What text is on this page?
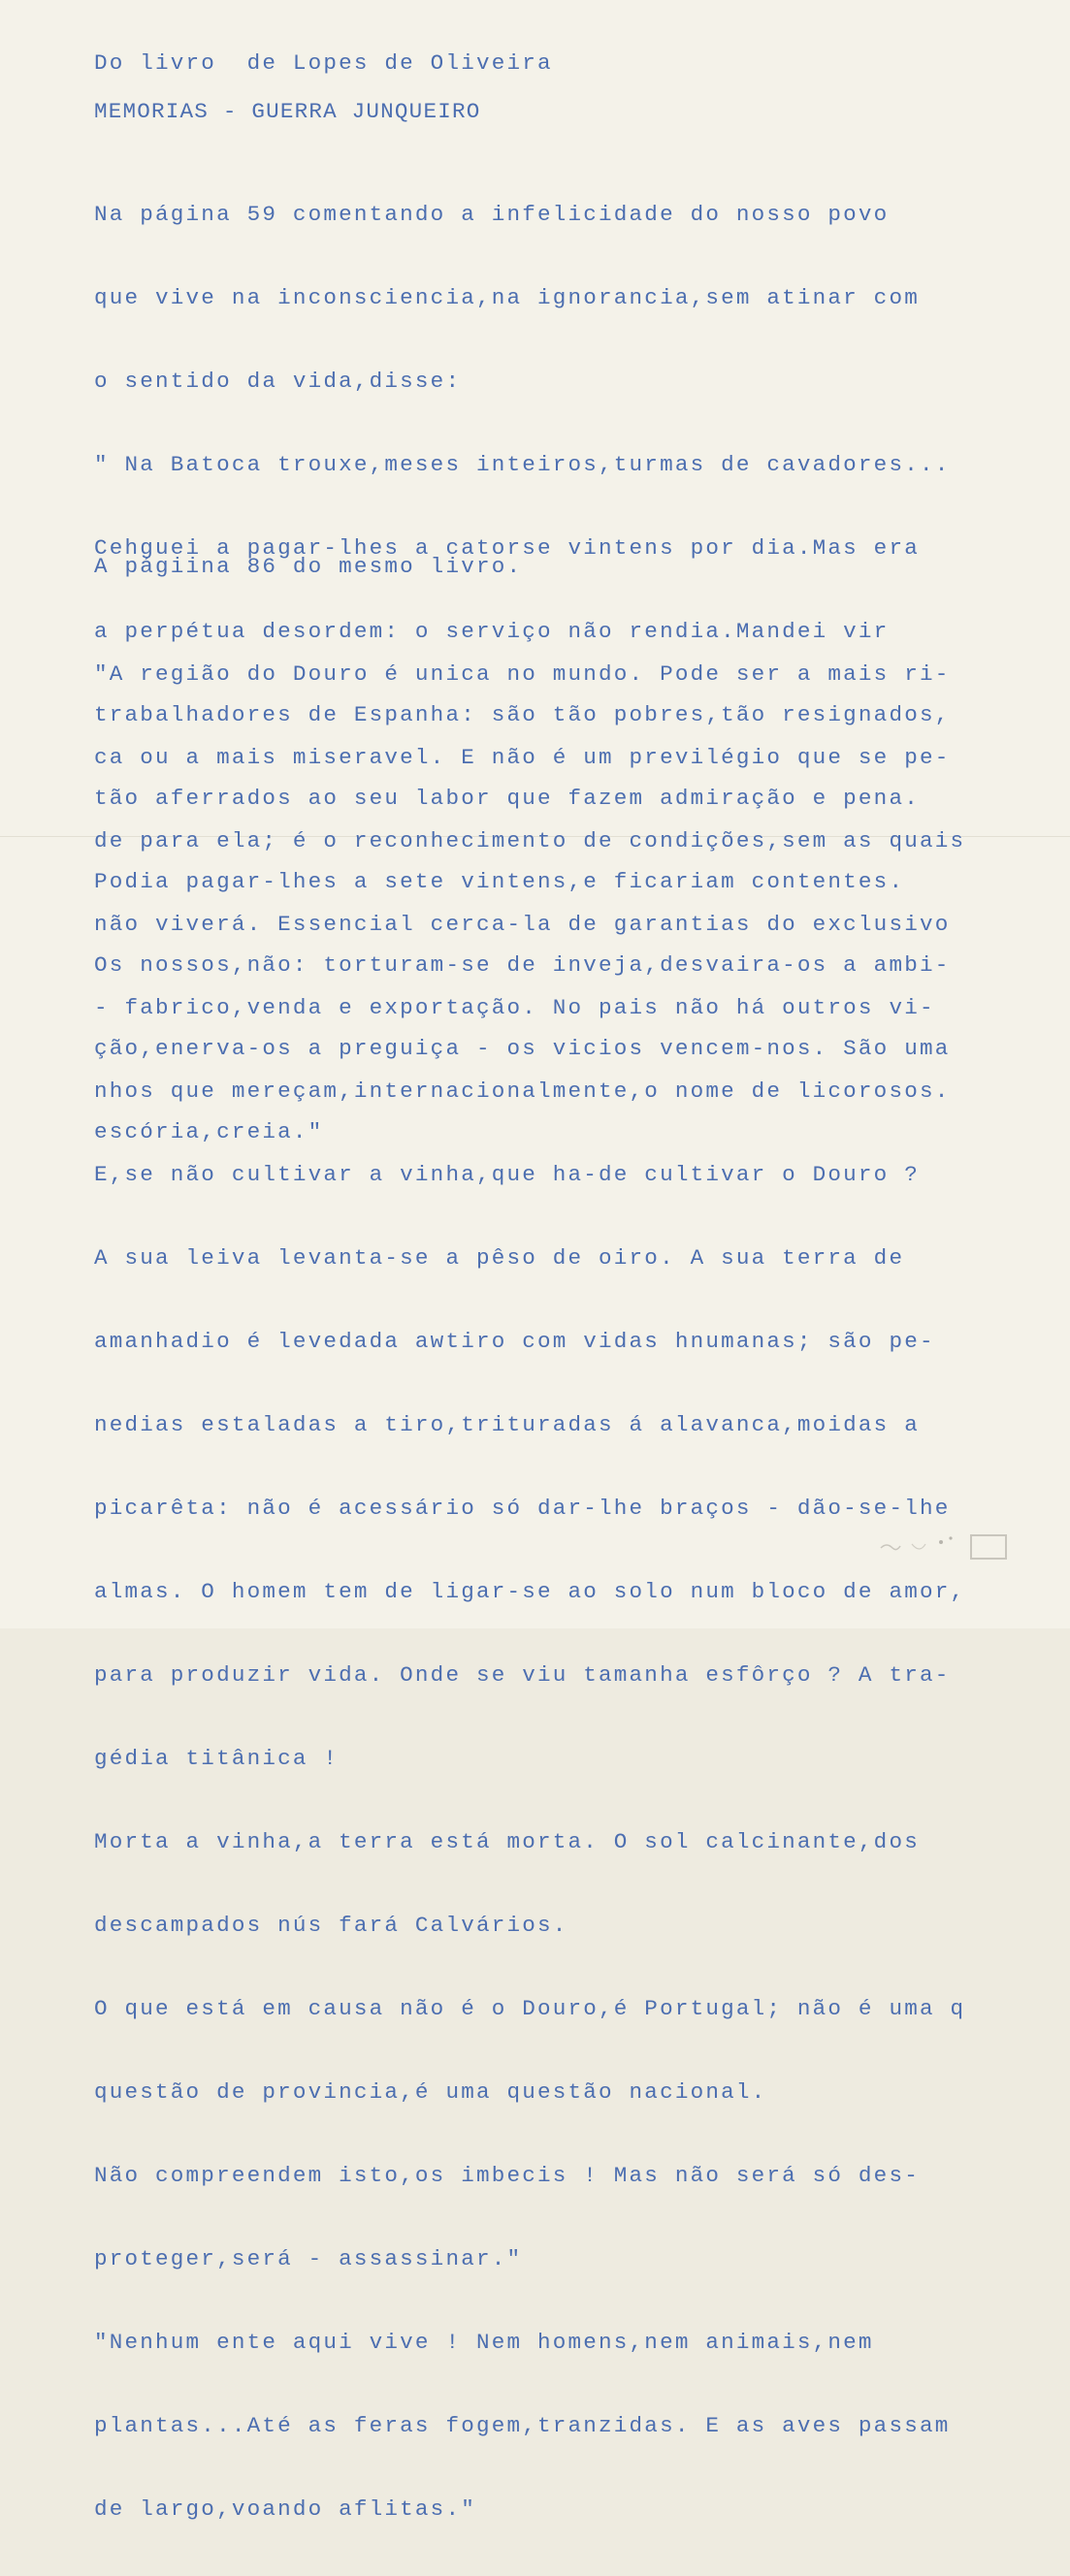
Do livro  de Lopes de Oliveira

MEMORIAS - GUERRA JUNQUEIRO

Na página 59 comentando a infelicidade do nosso povo

que vive na inconsciencia,na ignorancia,sem atinar com

o sentido da vida,disse:

" Na Batoca trouxe,meses inteiros,turmas de cavadores...

Cehguei a pagar-lhes a catorse vintens por dia.Mas era

a perpétua desordem: o serviço não rendia.Mandei vir

trabalhadores de Espanha: são tão pobres,tão resignados,

tão aferrados ao seu labor que fazem admiração e pena.

Podia pagar-lhes a sete vintens,e ficariam contentes.

Os nossos,não: torturam-se de inveja,desvaira-os a ambi-

ção,enerva-os a preguiça - os vicios vencem-nos. São uma

escória,creia."

A págiina 86 do mesmo livro.

"A região do Douro é unica no mundo. Pode ser a mais ri-

ca ou a mais miseravel. E não é um previlégio que se pe-

de para ela; é o reconhecimento de condições,sem as quais

não viverá. Essencial cerca-la de garantias do exclusivo

- fabrico,venda e exportação. No pais não há outros vi-

nhos que mereçam,internacionalmente,o nome de licorosos.

E,se não cultivar a vinha,que ha-de cultivar o Douro ?

A sua leiva levanta-se a pêso de oiro. A sua terra de

amanhadio é levedada awtiro com vidas hnumanas; são pe-

nedias estaladas a tiro,trituradas á alavanca,moidas a

picarêta: não é acessário só dar-lhe braços - dão-se-lhe

almas. O homem tem de ligar-se ao solo num bloco de amor,

para produzir vida. Onde se viu tamanha esfôrço ? A tra-

gédia titânica !

Morta a vinha,a terra está morta. O sol calcinante,dos

descampados nús fará Calvários.

O que está em causa não é o Douro,é Portugal; não é uma q

questão de provincia,é uma questão nacional.

Não compreendem isto,os imbecis ! Mas não será só des-

proteger,será - assassinar."

"Nenhum ente aqui vive ! Nem homens,nem animais,nem

plantas...Até as feras fogem,tranzidas. E as aves passam

de largo,voando aflitas."
